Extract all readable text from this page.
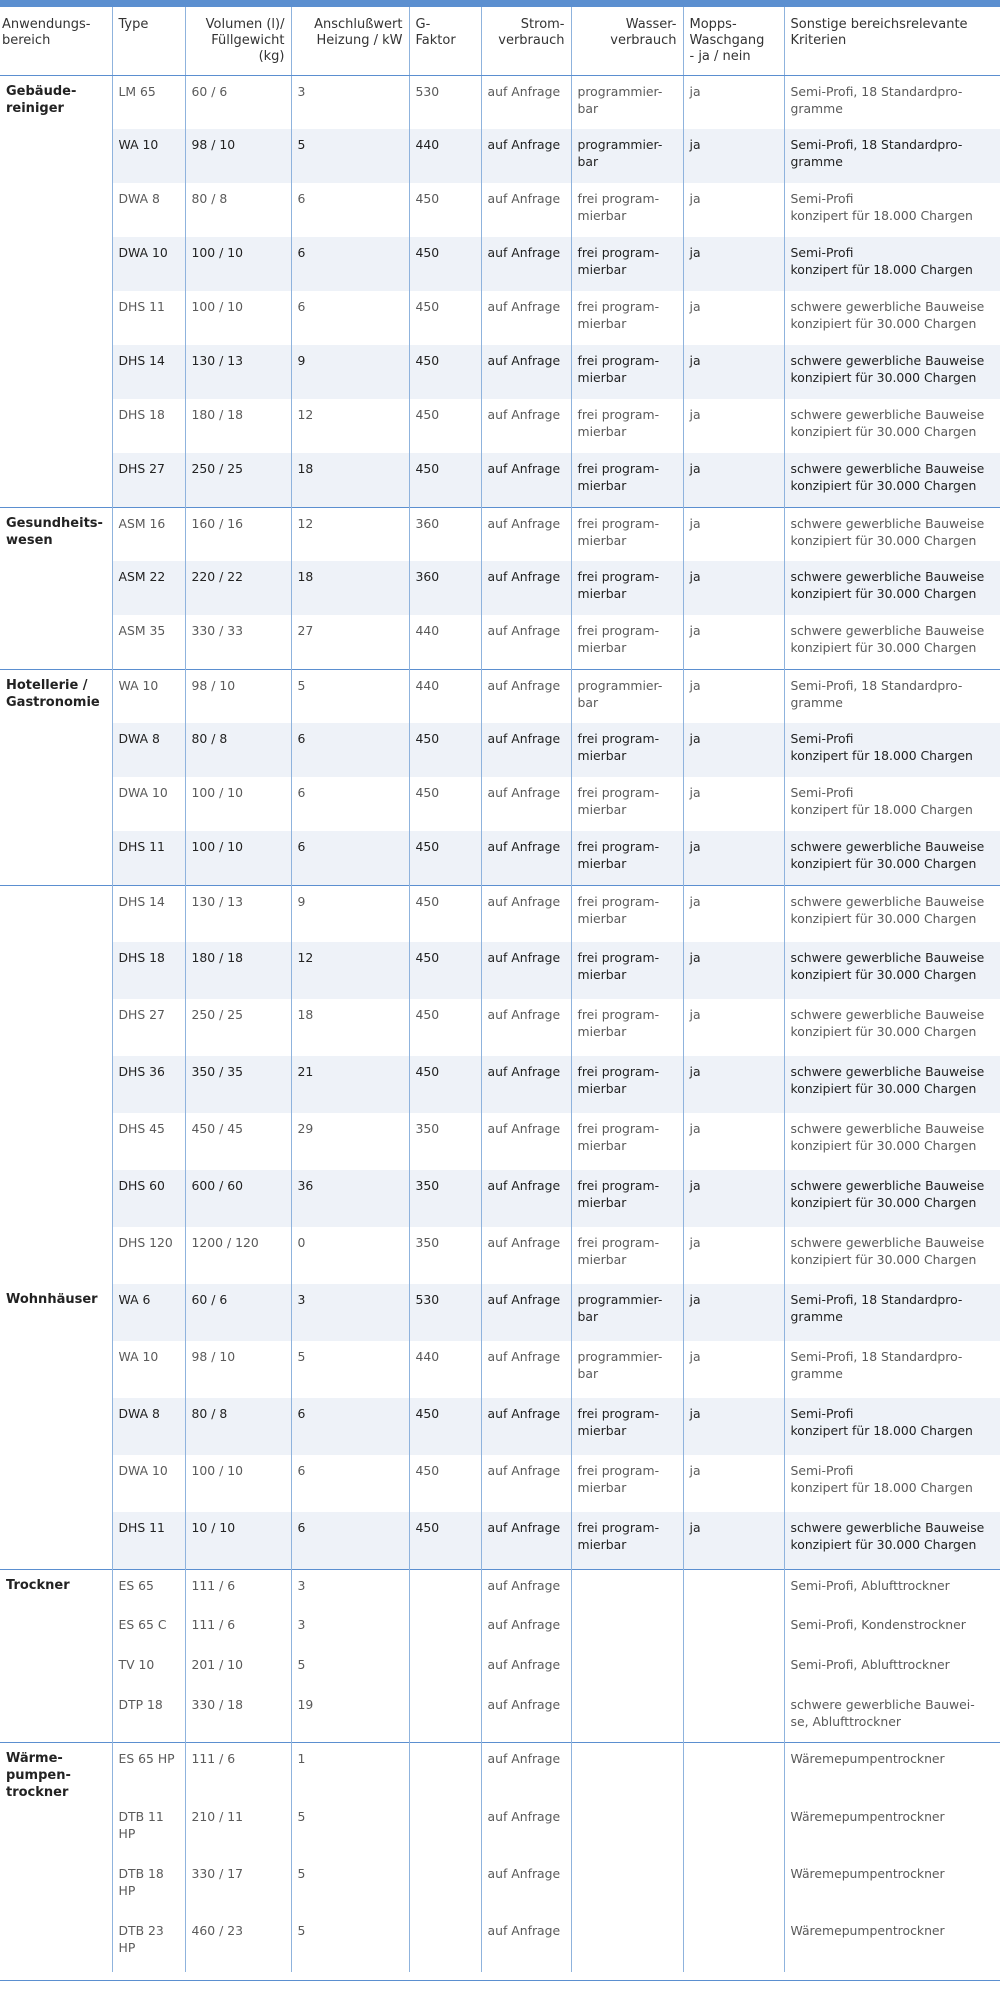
Anwendungs-
bereich	Type	Volumen (l)/
Füllgewicht
(kg)	Anschlußwert
Heizung / kW	G-
Faktor	Strom-
verbrauch	Wasser-
verbrauch	Mopps-
Waschgang
- ja / nein	Sonstige bereichsrelevante
Kriterien
Gebäude-
reiniger	LM 65	60 / 6	3	530	auf Anfrage	programmier-
bar	ja	Semi-Profi, 18 Standardpro-
gramme
	WA 10	98 / 10	5	440	auf Anfrage	programmier-
bar	ja	Semi-Profi, 18 Standardpro-
gramme
	DWA 8	80 / 8	6	450	auf Anfrage	frei program-
mierbar	ja	Semi-Profi
konzipert für 18.000 Chargen
	DWA 10	100 / 10	6	450	auf Anfrage	frei program-
mierbar	ja	Semi-Profi
konzipert für 18.000 Chargen
	DHS 11	100 / 10	6	450	auf Anfrage	frei program-
mierbar	ja	schwere gewerbliche Bauweise
konzipiert für 30.000 Chargen
	DHS 14	130 / 13	9	450	auf Anfrage	frei program-
mierbar	ja	schwere gewerbliche Bauweise
konzipiert für 30.000 Chargen
	DHS 18	180 / 18	12	450	auf Anfrage	frei program-
mierbar	ja	schwere gewerbliche Bauweise
konzipiert für 30.000 Chargen
	DHS 27	250 / 25	18	450	auf Anfrage	frei program-
mierbar	ja	schwere gewerbliche Bauweise
konzipiert für 30.000 Chargen
Gesundheits-
wesen	ASM 16	160 / 16	12	360	auf Anfrage	frei program-
mierbar	ja	schwere gewerbliche Bauweise
konzipiert für 30.000 Chargen
	ASM 22	220 / 22	18	360	auf Anfrage	frei program-
mierbar	ja	schwere gewerbliche Bauweise
konzipiert für 30.000 Chargen
	ASM 35	330 / 33	27	440	auf Anfrage	frei program-
mierbar	ja	schwere gewerbliche Bauweise
konzipiert für 30.000 Chargen
Hotellerie /
Gastronomie	WA 10	98 / 10	5	440	auf Anfrage	programmier-
bar	ja	Semi-Profi, 18 Standardpro-
gramme
	DWA 8	80 / 8	6	450	auf Anfrage	frei program-
mierbar	ja	Semi-Profi
konzipert für 18.000 Chargen
	DWA 10	100 / 10	6	450	auf Anfrage	frei program-
mierbar	ja	Semi-Profi
konzipert für 18.000 Chargen
	DHS 11	100 / 10	6	450	auf Anfrage	frei program-
mierbar	ja	schwere gewerbliche Bauweise
konzipiert für 30.000 Chargen
	DHS 14	130 / 13	9	450	auf Anfrage	frei program-
mierbar	ja	schwere gewerbliche Bauweise
konzipiert für 30.000 Chargen
	DHS 18	180 / 18	12	450	auf Anfrage	frei program-
mierbar	ja	schwere gewerbliche Bauweise
konzipiert für 30.000 Chargen
	DHS 27	250 / 25	18	450	auf Anfrage	frei program-
mierbar	ja	schwere gewerbliche Bauweise
konzipiert für 30.000 Chargen
	DHS 36	350 / 35	21	450	auf Anfrage	frei program-
mierbar	ja	schwere gewerbliche Bauweise
konzipiert für 30.000 Chargen
	DHS 45	450 / 45	29	350	auf Anfrage	frei program-
mierbar	ja	schwere gewerbliche Bauweise
konzipiert für 30.000 Chargen
	DHS 60	600 / 60	36	350	auf Anfrage	frei program-
mierbar	ja	schwere gewerbliche Bauweise
konzipiert für 30.000 Chargen
	DHS 120	1200 / 120	0	350	auf Anfrage	frei program-
mierbar	ja	schwere gewerbliche Bauweise
konzipiert für 30.000 Chargen
Wohnhäuser	WA 6	60 / 6	3	530	auf Anfrage	programmier-
bar	ja	Semi-Profi, 18 Standardpro-
gramme
	WA 10	98 / 10	5	440	auf Anfrage	programmier-
bar	ja	Semi-Profi, 18 Standardpro-
gramme
	DWA 8	80 / 8	6	450	auf Anfrage	frei program-
mierbar	ja	Semi-Profi
konzipert für 18.000 Chargen
	DWA 10	100 / 10	6	450	auf Anfrage	frei program-
mierbar	ja	Semi-Profi
konzipert für 18.000 Chargen
	DHS 11	10 / 10	6	450	auf Anfrage	frei program-
mierbar	ja	schwere gewerbliche Bauweise
konzipiert für 30.000 Chargen
Trockner	ES 65	111 / 6	3		auf Anfrage			Semi-Profi, Ablufttrockner
	ES 65 C	111 / 6	3		auf Anfrage			Semi-Profi, Kondenstrockner
	TV 10	201 / 10	5		auf Anfrage			Semi-Profi, Ablufttrockner
	DTP 18	330 / 18	19		auf Anfrage			schwere gewerbliche Bauwei-
se, Ablufttrockner
Wärme-
pumpen-
trockner	ES 65 HP	111 / 6	1		auf Anfrage			Wäremepumpentrockner
	DTB 11
HP	210 / 11	5		auf Anfrage			Wäremepumpentrockner
	DTB 18
HP	330 / 17	5		auf Anfrage			Wäremepumpentrockner
	DTB 23
HP	460 / 23	5		auf Anfrage			Wäremepumpentrockner
